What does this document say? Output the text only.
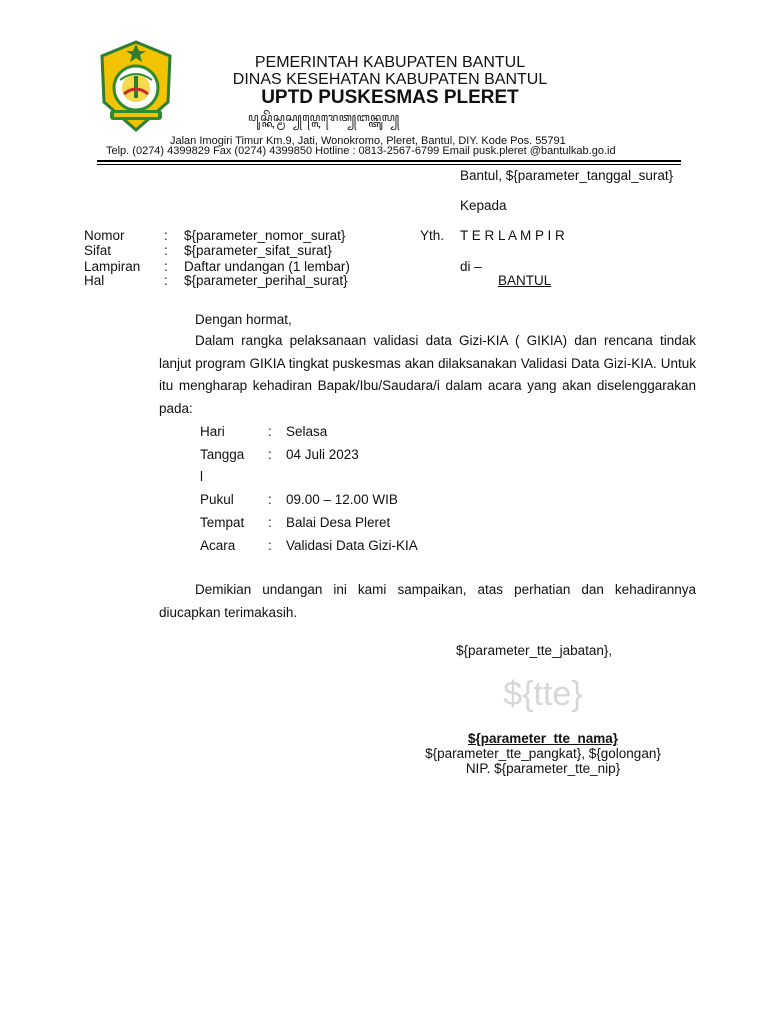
PEMERINTAH KABUPATEN BANTUL
DINAS KESEHATAN KABUPATEN BANTUL
UPTD PUSKESMAS PLERET
ꦥꦸꦱ꧀ꦏꦼꦱ꧀ꦩꦱ꧀​ꦥ꧀ꦭꦺꦫꦺꦠ꧀​ꦧꦤ꧀ꦠꦸꦭ꧀
Jalan Imogiri Timur Km.9, Jati, Wonokromo, Pleret, Bantul, DIY. Kode Pos. 55791
Telp. (0274) 4399829 Fax (0274) 4399850 Hotline : 0813-2567-6799 Email pusk.pleret @bantulkab.go.id
Bantul, ${parameter_tanggal_surat}
Kepada
Yth. T E R L A M P I R
di –
BANTUL
Nomor	: ${parameter_nomor_surat}
Sifat	: ${parameter_sifat_surat}
Lampiran : Daftar undangan (1 lembar)
Hal	: ${parameter_perihal_surat}
Dengan hormat,
Dalam rangka pelaksanaan validasi data Gizi-KIA ( GIKIA) dan rencana tindak lanjut program GIKIA tingkat puskesmas akan dilaksanakan Validasi Data Gizi-KIA. Untuk itu mengharap kehadiran Bapak/Ibu/Saudara/i dalam acara yang akan diselenggarakan pada:
Hari	: Selasa
Tangga : 04 Juli 2023
l
Pukul	: 09.00 – 12.00 WIB
Tempat : Balai Desa Pleret
Acara : Validasi Data Gizi-KIA
Demikian undangan ini kami sampaikan, atas perhatian dan kehadirannya diucapkan terimakasih.
${parameter_tte_jabatan},
${tte}
${parameter_tte_nama}
${parameter_tte_pangkat}, ${golongan}
NIP. ${parameter_tte_nip}
